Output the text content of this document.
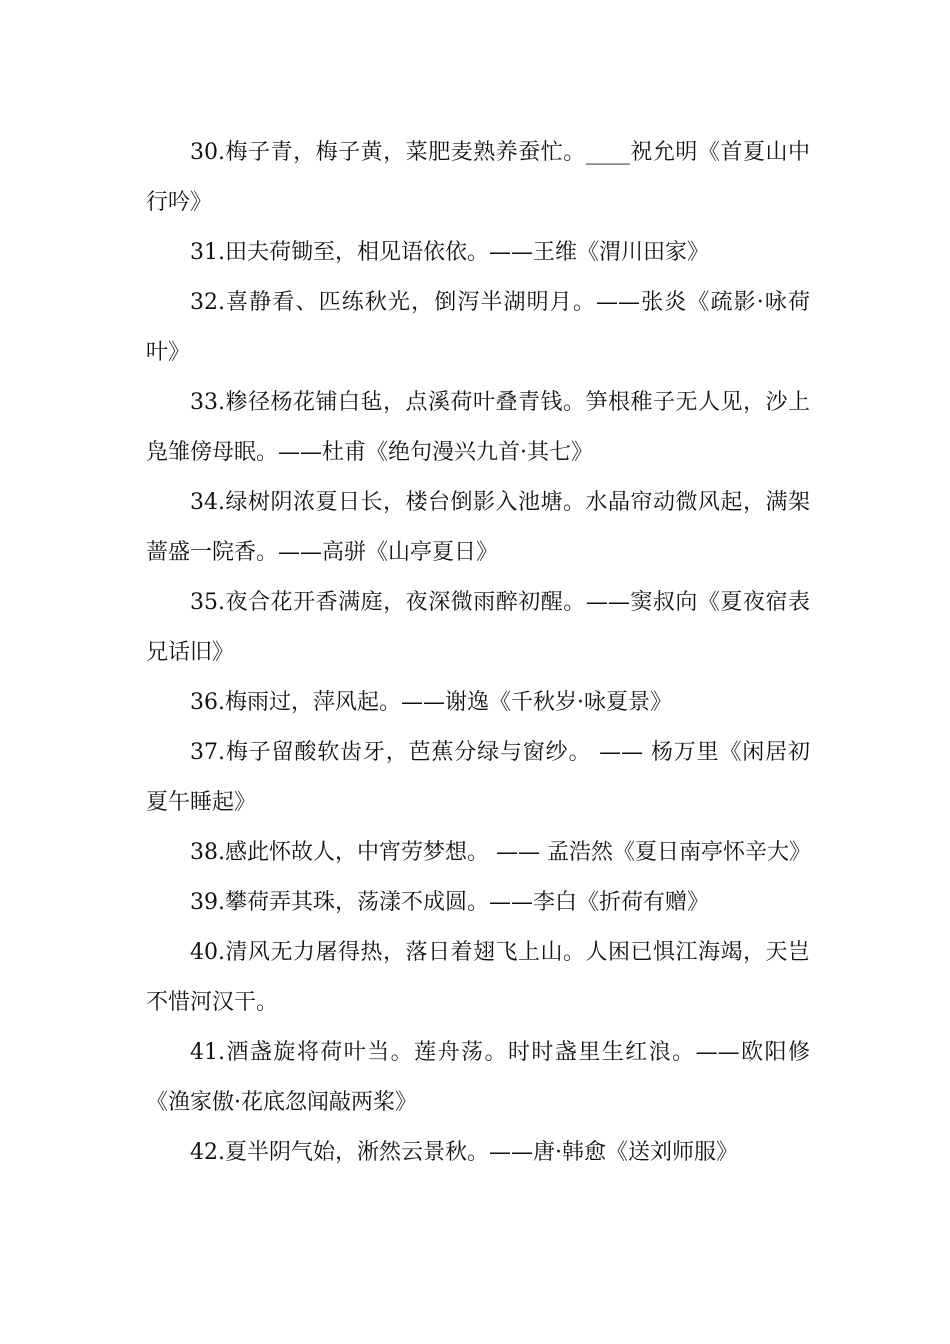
30.梅子青，梅子黄，菜肥麦熟养蚕忙。____祝允明《首夏山中行吟》

31.田夫荷锄至，相见语依依。——王维《渭川田家》

32.喜静看、匹练秋光，倒泻半湖明月。——张炎《疏影·咏荷叶》

33.糁径杨花铺白毡，点溪荷叶叠青钱。笋根稚子无人见，沙上凫雏傍母眠。——杜甫《绝句漫兴九首·其七》

34.绿树阴浓夏日长，楼台倒影入池塘。水晶帘动微风起，满架蔷盛一院香。——高骈《山亭夏日》

35.夜合花开香满庭，夜深微雨醉初醒。——窦叔向《夏夜宿表兄话旧》

36.梅雨过，萍风起。——谢逸《千秋岁·咏夏景》

37.梅子留酸软齿牙，芭蕉分绿与窗纱。 —— 杨万里《闲居初夏午睡起》

38.感此怀故人，中宵劳梦想。 —— 孟浩然《夏日南亭怀辛大》

39.攀荷弄其珠，荡漾不成圆。——李白《折荷有赠》

40.清风无力屠得热，落日着翅飞上山。人困已惧江海竭，天岂不惜河汉干。

41.酒盏旋将荷叶当。莲舟荡。时时盏里生红浪。——欧阳修《渔家傲·花底忽闻敲两桨》

42.夏半阴气始，淅然云景秋。——唐·韩愈《送刘师服》
